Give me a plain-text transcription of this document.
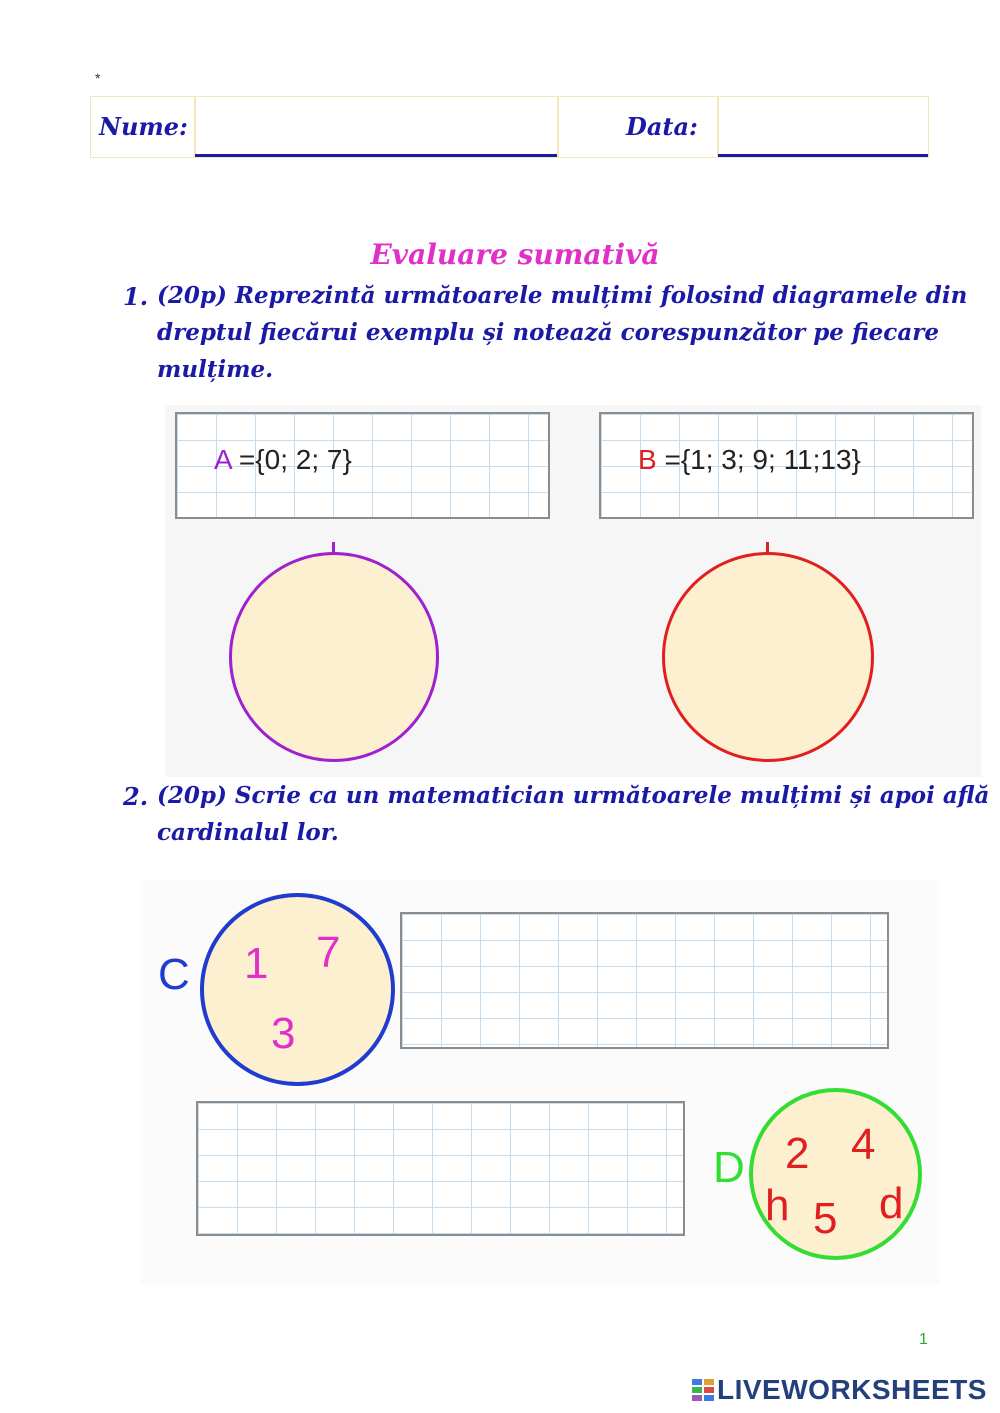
*
Nume:	Data:
Evaluare sumativă
1. (20p) Reprezintă următoarele mulțimi folosind diagramele din
dreptul fiecărui exemplu și notează corespunzător pe fiecare
mulțime.
A ={0; 2; 7}	B ={1; 3; 9; 11;13}
2. (20p) Scrie ca un matematician următoarele mulțimi și apoi află
cardinalul lor.
C 1 7
3
D 2 4
h 5 d
1
LIVEWORKSHEETS
